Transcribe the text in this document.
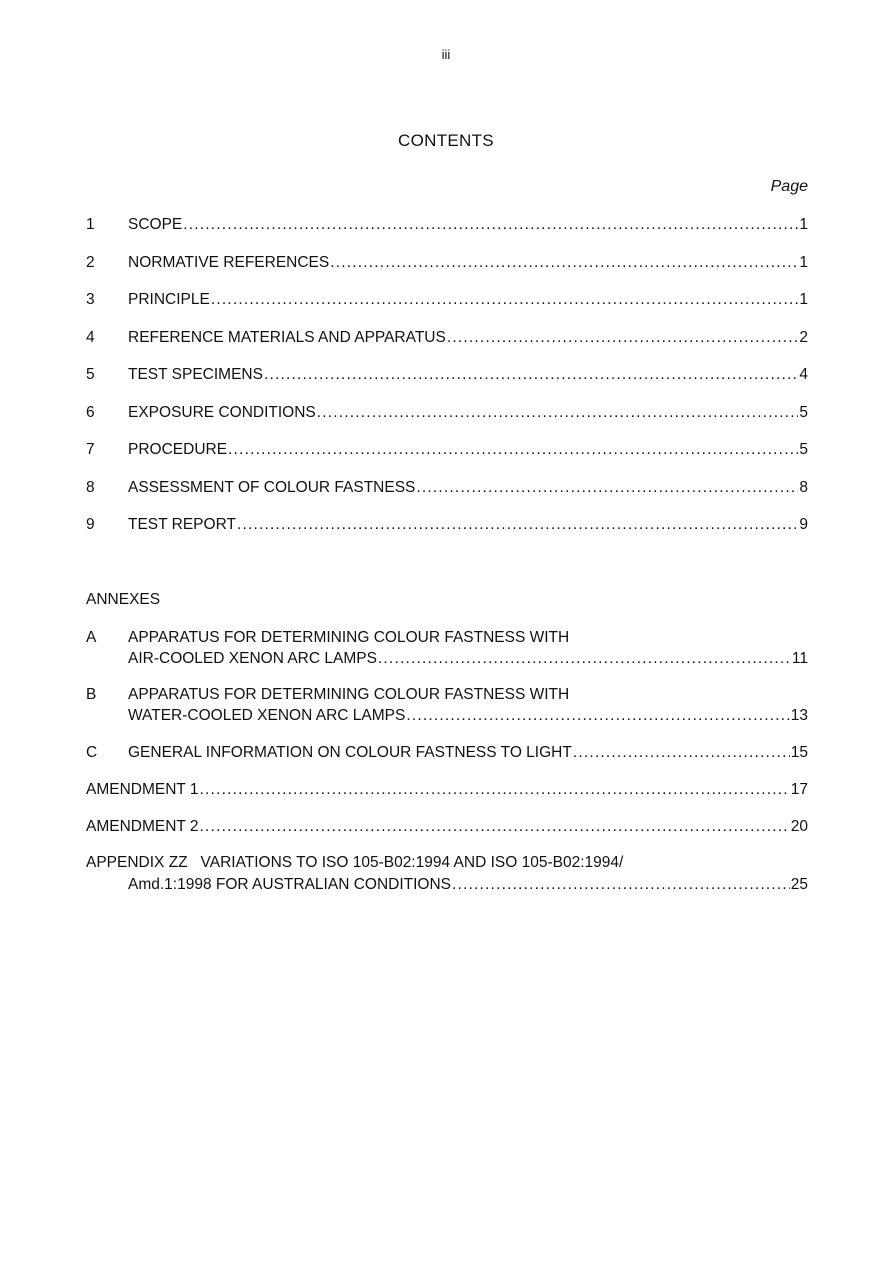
iii
CONTENTS
Page
1 SCOPE .....	1
2 NORMATIVE REFERENCES .....	1
3 PRINCIPLE .....	1
4 REFERENCE MATERIALS AND APPARATUS .....	2
5 TEST SPECIMENS .....	4
6 EXPOSURE CONDITIONS .....	5
7 PROCEDURE .....	5
8 ASSESSMENT OF COLOUR FASTNESS .....	8
9 TEST REPORT .....	9
ANNEXES
A APPARATUS FOR DETERMINING COLOUR FASTNESS WITH
AIR-COOLED XENON ARC LAMPS .....	11
B APPARATUS FOR DETERMINING COLOUR FASTNESS WITH
WATER-COOLED XENON ARC LAMPS .....	13
C GENERAL INFORMATION ON COLOUR FASTNESS TO LIGHT .....	15
AMENDMENT 1 .....	17
AMENDMENT 2 .....	20
APPENDIX ZZ   VARIATIONS TO ISO 105-B02:1994 AND ISO 105-B02:1994/
Amd.1:1998 FOR AUSTRALIAN CONDITIONS .....	25
